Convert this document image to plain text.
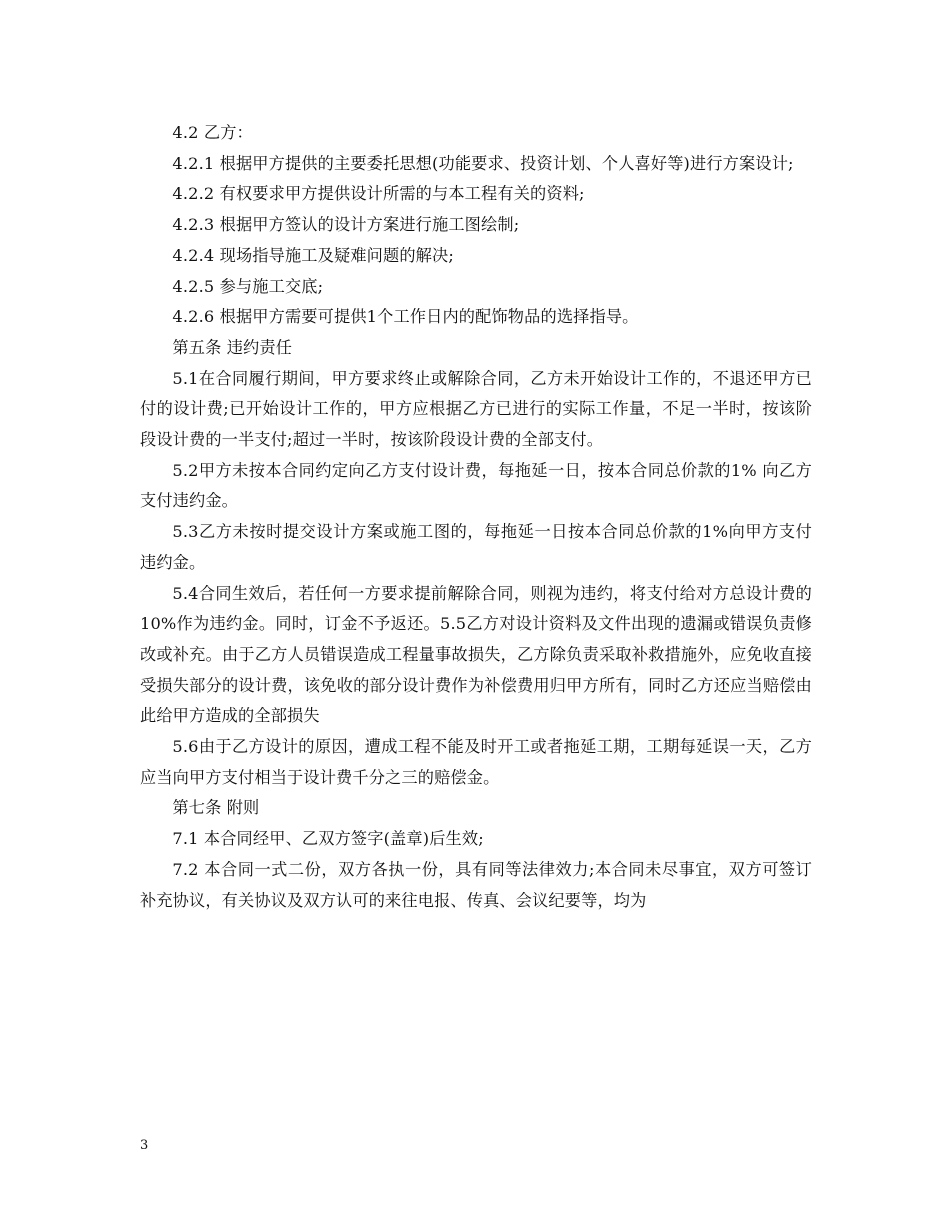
4.2 乙方：

4.2.1 根据甲方提供的主要委托思想(功能要求、投资计划、个人喜好等)进行方案设计;

4.2.2 有权要求甲方提供设计所需的与本工程有关的资料;

4.2.3 根据甲方签认的设计方案进行施工图绘制;

4.2.4 现场指导施工及疑难问题的解决;

4.2.5 参与施工交底;

4.2.6 根据甲方需要可提供1个工作日内的配饰物品的选择指导。

第五条 违约责任

5.1在合同履行期间，甲方要求终止或解除合同，乙方未开始设计工作的，不退还甲方已付的设计费;已开始设计工作的，甲方应根据乙方已进行的实际工作量，不足一半时，按该阶段设计费的一半支付;超过一半时，按该阶段设计费的全部支付。

5.2甲方未按本合同约定向乙方支付设计费，每拖延一日，按本合同总价款的1% 向乙方支付违约金。

5.3乙方未按时提交设计方案或施工图的，每拖延一日按本合同总价款的1%向甲方支付违约金。

5.4合同生效后，若任何一方要求提前解除合同，则视为违约，将支付给对方总设计费的10%作为违约金。同时，订金不予返还。5.5乙方对设计资料及文件出现的遗漏或错误负责修改或补充。由于乙方人员错误造成工程量事故损失，乙方除负责采取补救措施外，应免收直接受损失部分的设计费，该免收的部分设计费作为补偿费用归甲方所有，同时乙方还应当赔偿由此给甲方造成的全部损失

5.6由于乙方设计的原因，遭成工程不能及时开工或者拖延工期，工期每延误一天，乙方应当向甲方支付相当于设计费千分之三的赔偿金。

第七条 附则

7.1 本合同经甲、乙双方签字(盖章)后生效;

7.2 本合同一式二份，双方各执一份，具有同等法律效力;本合同未尽事宜，双方可签订补充协议，有关协议及双方认可的来往电报、传真、会议纪要等，均为

3
